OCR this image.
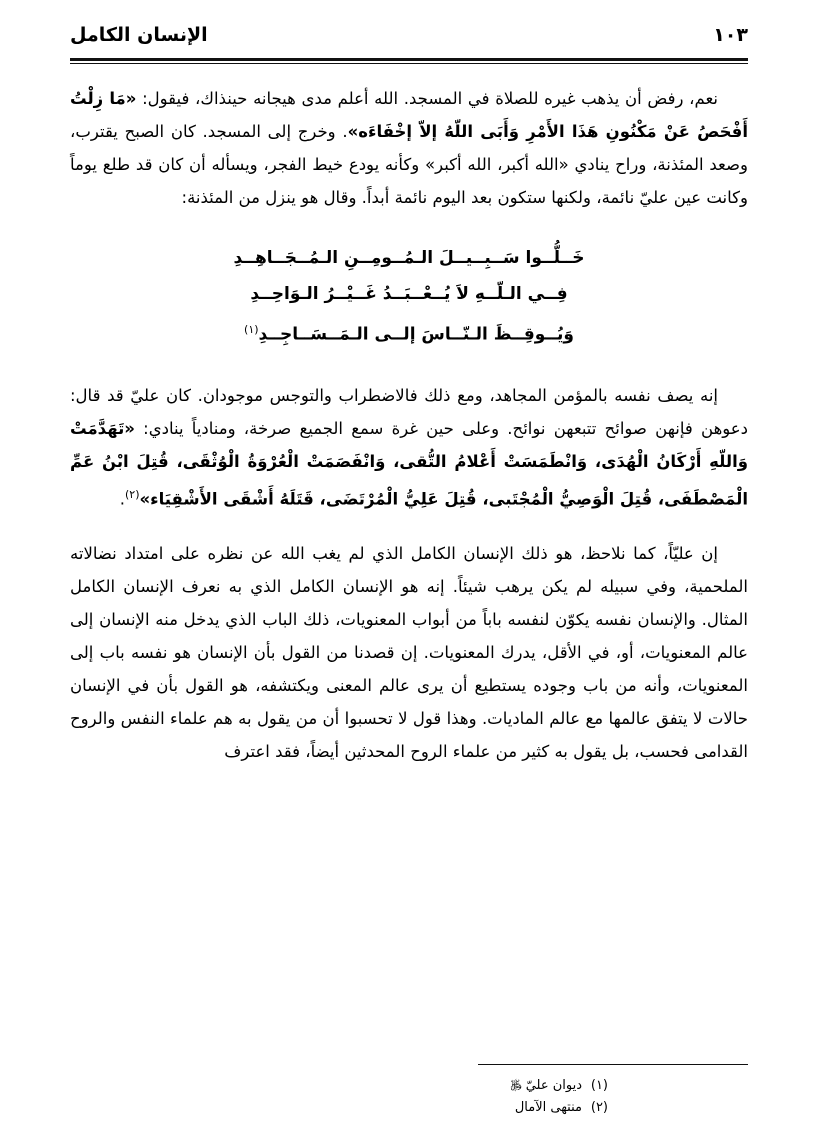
الإنسان الكامل	١٠٣

نعم، رفض أن يذهب غيره للصلاة في المسجد. الله أعلم مدى هيجانه حينذاك، فيقول: «مَا زِلْتُ أَفْحَصُ عَنْ مَكْنُونِ هَذَا الأَمْرِ وَأَبَى اللّهُ إلاّ إخْفَاءَه». وخرج إلى المسجد. كان الصبح يقترب، وصعد المئذنة، وراح ينادي «الله أكبر، الله أكبر» وكأنه يودع خيط الفجر، ويسأله أن كان قد طلع يوماً وكانت عين عليّ نائمة، ولكنها ستكون بعد اليوم نائمة أبداً. وقال هو ينزل من المئذنة:

خَــلُّــوا سَــبِــيــلَ الـمُــومِــنِ الـمُــجَــاهِــدِ
فِــي الـلّــهِ لاَ يُــعْــبَــدُ غَــيْــرُ الـوَاحِــدِ
وَيُــوقِــظَ الـنّــاسَ إلــى الـمَــسَــاجِــدِ$^{(١)}$

إنه يصف نفسه بالمؤمن المجاهد، ومع ذلك فالاضطراب والتوجس موجودان. كان عليّ قد قال: دعوهن فإنهن صوائح تتبعهن نوائح. وعلى حين غرة سمع الجميع صرخة، ومنادياً ينادي: «تَهَدَّمَتْ وَاللّهِ أَرْكَانُ الْهُدَى، وَانْطَمَسَتْ أَعْلامُ التُّقى، وَانْفَصَمَتْ الْعُرْوَةُ الْوُثْقَى، قُتِلَ ابْنُ عَمِّ الْمَصْطَفَى، قُتِلَ الْوَصِيُّ الْمُجْتَبى، قُتِلَ عَلِيُّ الْمُرْتَضَى، قَتَلَهُ أَشْقَى الأَشْقِيَاء»$^{(٢)}$.

إن عليّاً، كما نلاحظ، هو ذلك الإنسان الكامل الذي لم يغب الله عن نظره على امتداد نضالاته الملحمية، وفي سبيله لم يكن يرهب شيئاً. إنه هو الإنسان الكامل الذي به نعرف الإنسان الكامل المثال. والإنسان نفسه يكوّن لنفسه باباً من أبواب المعنويات، ذلك الباب الذي يدخل منه الإنسان إلى عالم المعنويات، أو، في الأقل، يدرك المعنويات. إن قصدنا من القول بأن الإنسان هو نفسه باب إلى المعنويات، وأنه من باب وجوده يستطيع أن يرى عالم المعنى ويكتشفه، هو القول بأن في الإنسان حالات لا يتفق عالمها مع عالم الماديات. وهذا قول لا تحسبوا أن من يقول به هم علماء النفس والروح القدامى فحسب، بل يقول به كثير من علماء الروح المحدثين أيضاً، فقد اعترف

(١)ديوان عليّ ﷿
(٢)منتهى الآمال
